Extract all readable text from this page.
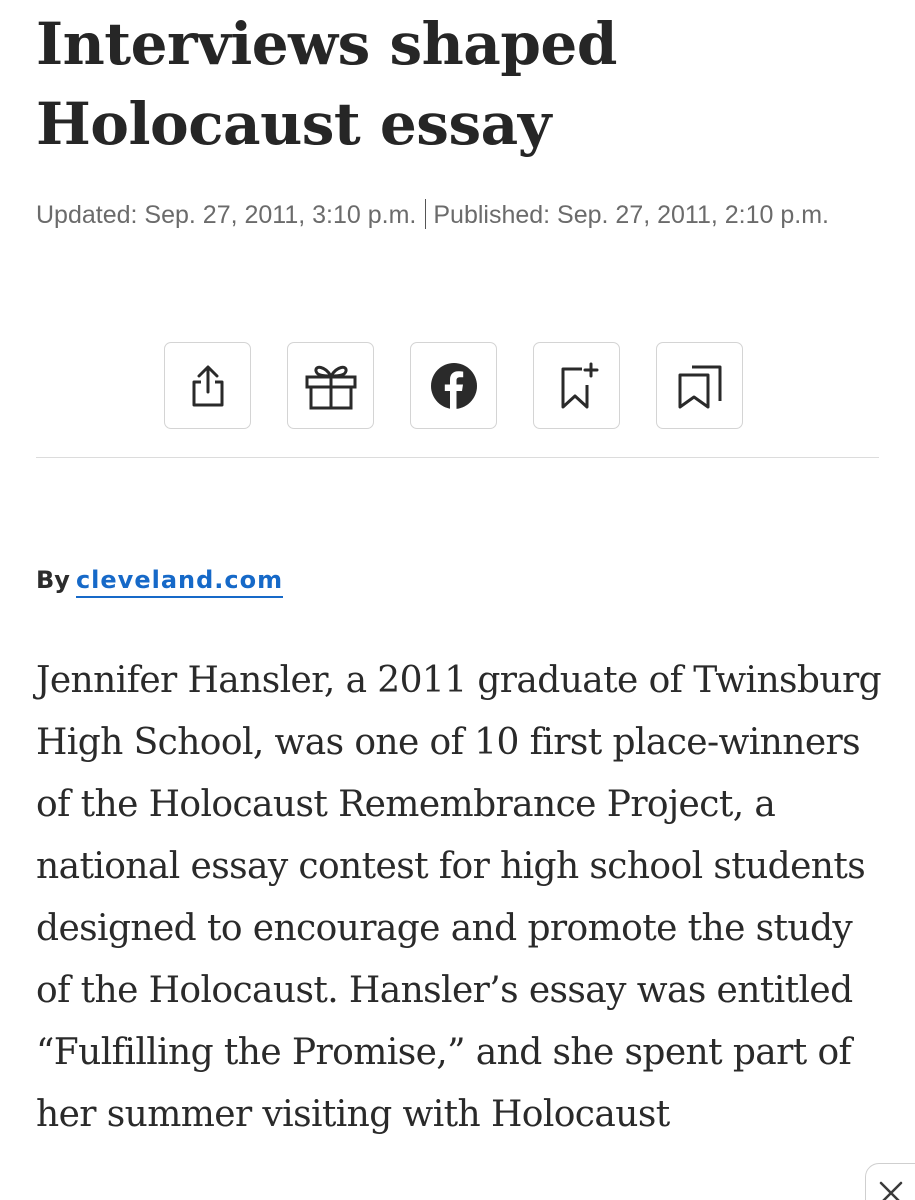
Interviews shaped Holocaust essay
Updated: Sep. 27, 2011, 3:10 p.m. Published: Sep. 27, 2011, 2:10 p.m.
By cleveland.com

Jennifer Hansler, a 2011 graduate of Twinsburg High School, was one of 10 first place-winners of the Holocaust Remembrance Project, a national essay contest for high school students designed to encourage and promote the study of the Holocaust. Hansler’s essay was entitled “Fulfilling the Promise,” and she spent part of her summer visiting with Holocaust
